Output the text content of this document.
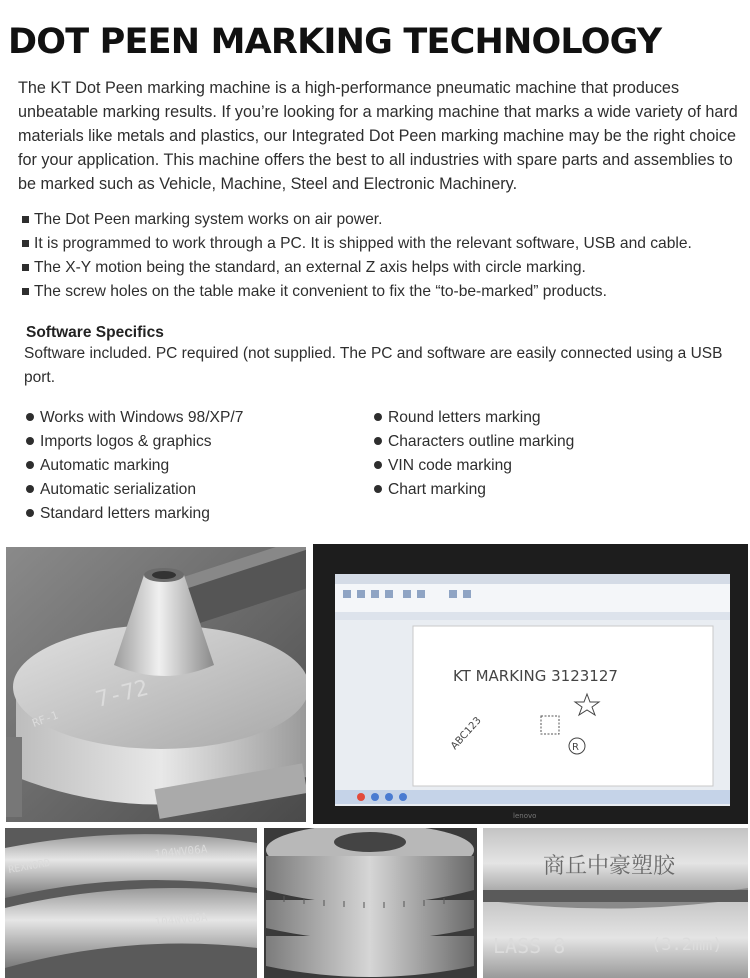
DOT PEEN MARKING TECHNOLOGY

The KT Dot Peen marking machine is a high-performance pneumatic machine that produces unbeatable marking results. If you’re looking for a marking machine that marks a wide variety of hard materials like metals and plastics, our Integrated Dot Peen marking machine may be the right choice for your application. This machine offers the best to all industries with spare parts and assemblies to be marked such as Vehicle, Machine, Steel and Electronic Machinery.

The Dot Peen marking system works on air power.
It is programmed to work through a PC. It is shipped with the relevant software, USB and cable.
The X-Y motion being the standard, an external Z axis helps with circle marking.
The screw holes on the table make it convenient to fix the “to-be-marked” products.
Software Specifics

Software included. PC required (not supplied. The PC and software are easily connected using a USB port.

Works with Windows 98/XP/7
Imports logos & graphics
Automatic marking
Automatic serialization
Standard letters marking
Round letters marking
Characters outline marking
VIN code marking
Chart marking
7-72
RF-1
KT MARKING 3123127
ABC123	R
lenovo
REXNORD
104WV06A
104WV06A
商丘中豪塑胶
LASS 8	(3.2mm)
